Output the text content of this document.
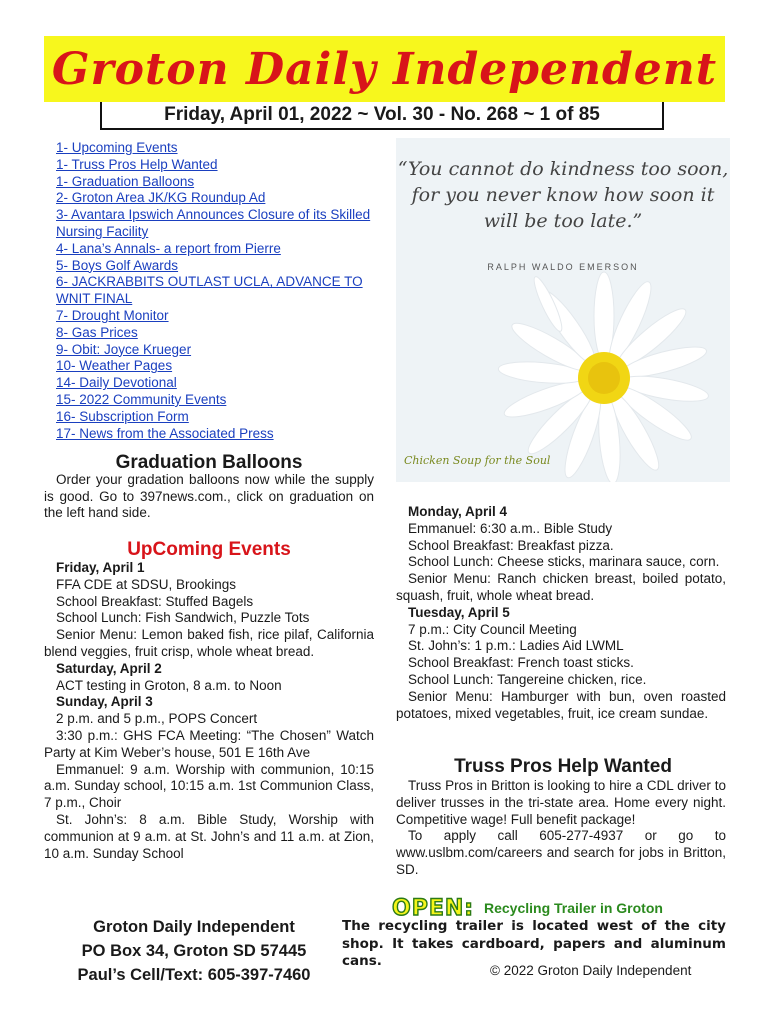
Groton Daily Independent
Friday, April 01, 2022 ~ Vol. 30 - No. 268 ~ 1 of 85
1- Upcoming Events
1- Truss Pros Help Wanted
1- Graduation Balloons
2- Groton Area JK/KG Roundup Ad
3- Avantara Ipswich Announces Closure of its Skilled Nursing Facility
4- Lana’s Annals- a report from Pierre
5- Boys Golf Awards
6- JACKRABBITS OUTLAST UCLA, ADVANCE TO WNIT FINAL
7- Drought Monitor
8- Gas Prices
9- Obit: Joyce Krueger
10- Weather Pages
14- Daily Devotional
15- 2022 Community Events
16- Subscription Form
17- News from the Associated Press
Graduation Balloons
Order your gradation balloons now while the supply is good. Go to 397news.com., click on graduation on the left hand side.
UpComing Events

Friday, April 1

FFA CDE at SDSU, Brookings

School Breakfast: Stuffed Bagels

School Lunch: Fish Sandwich, Puzzle Tots

Senior Menu: Lemon baked fish, rice pilaf, California blend veggies, fruit crisp, whole wheat bread.

Saturday, April 2

ACT testing in Groton, 8 a.m. to Noon

Sunday, April 3

2 p.m. and 5 p.m., POPS Concert

3:30 p.m.: GHS FCA Meeting: “The Chosen” Watch Party at Kim Weber’s house, 501 E 16th Ave

Emmanuel: 9 a.m. Worship with communion, 10:15 a.m. Sunday school, 10:15 a.m. 1st Communion Class, 7 p.m., Choir

St. John’s: 8 a.m. Bible Study, Worship with communion at 9 a.m. at St. John’s and 11 a.m. at Zion, 10 a.m. Sunday School

“You cannot do kindness too soon, for you never know how soon it will be too late.”
RALPH WALDO EMERSON
Chicken Soup for the Soul

Monday, April 4

Emmanuel: 6:30 a.m.. Bible Study

School Breakfast: Breakfast pizza.

School Lunch: Cheese sticks, marinara sauce, corn.

Senior Menu: Ranch chicken breast, boiled potato, squash, fruit, whole wheat bread.

Tuesday, April 5

7 p.m.: City Council Meeting

St. John’s: 1 p.m.: Ladies Aid LWML

School Breakfast: French toast sticks.

School Lunch: Tangereine chicken, rice.

Senior Menu: Hamburger with bun, oven roasted potatoes, mixed vegetables, fruit, ice cream sundae.

Truss Pros Help Wanted

Truss Pros in Britton is looking to hire a CDL driver to deliver trusses in the tri-state area. Home every night. Competitive wage! Full benefit package!

To apply call 605-277-4937 or go to www.uslbm.com/careers and search for jobs in Britton, SD.

Groton Daily Independent
PO Box 34, Groton SD 57445
Paul’s Cell/Text: 605-397-7460
OPEN: Recycling Trailer in Groton
The recycling trailer is located west of the city shop. It takes cardboard, papers and aluminum cans.
© 2022 Groton Daily Independent
